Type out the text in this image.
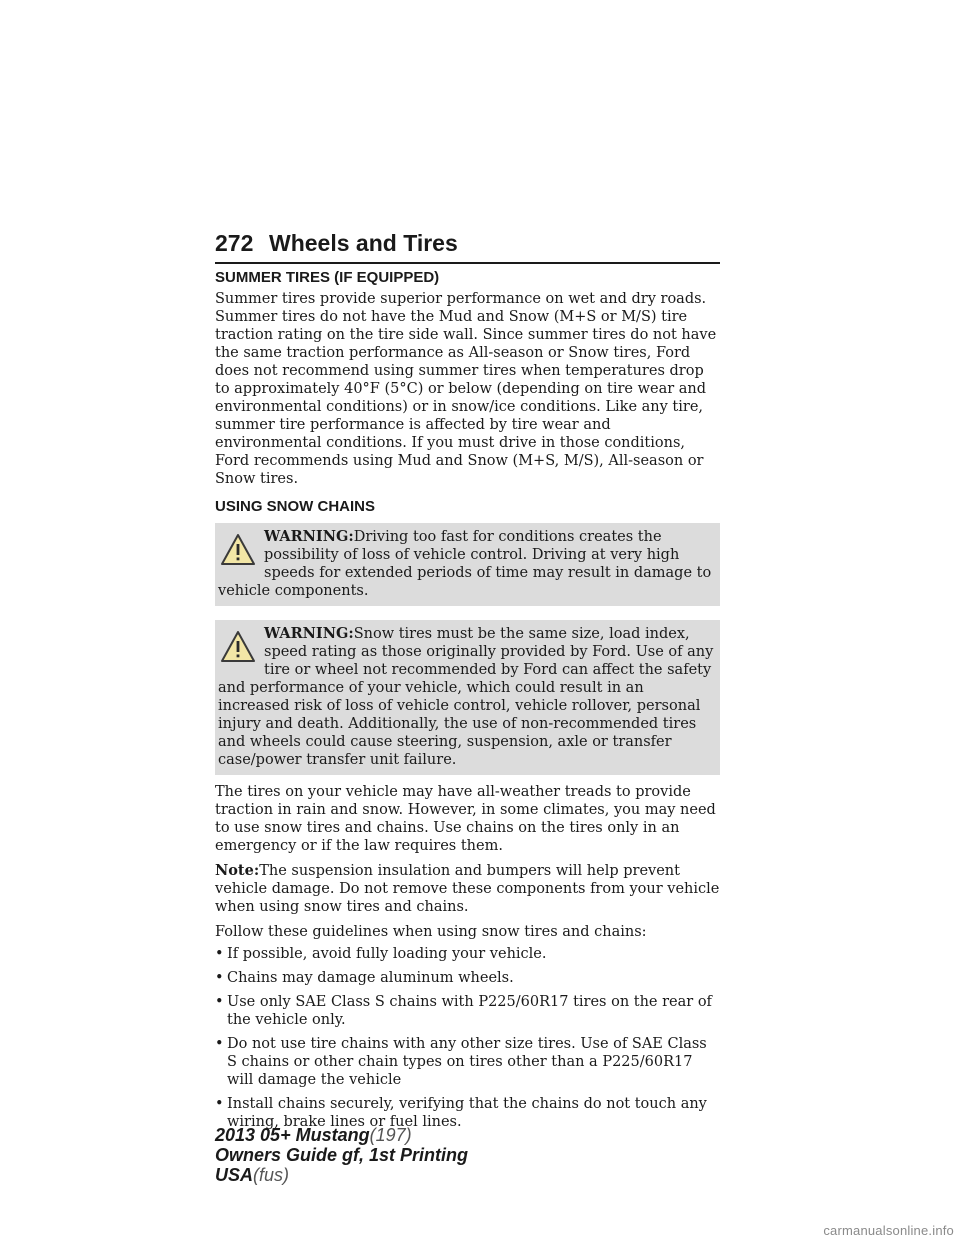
272 Wheels and Tires
SUMMER TIRES (IF EQUIPPED)

Summer tires provide superior performance on wet and dry roads. Summer tires do not have the Mud and Snow (M+S or M/S) tire traction rating on the tire side wall. Since summer tires do not have the same traction performance as All-season or Snow tires, Ford does not recommend using summer tires when temperatures drop to approximately 40°F (5°C) or below (depending on tire wear and environmental conditions) or in snow/ice conditions. Like any tire, summer tire performance is affected by tire wear and environmental conditions. If you must drive in those conditions, Ford recommends using Mud and Snow (M+S, M/S), All-season or Snow tires.

USING SNOW CHAINS
WARNING:Driving too fast for conditions creates the possibility of loss of vehicle control. Driving at very high speeds for extended periods of time may result in damage to vehicle components.
WARNING:Snow tires must be the same size, load index, speed rating as those originally provided by Ford. Use of any tire or wheel not recommended by Ford can affect the safety and performance of your vehicle, which could result in an increased risk of loss of vehicle control, vehicle rollover, personal injury and death. Additionally, the use of non-recommended tires and wheels could cause steering, suspension, axle or transfer case/power transfer unit failure.

The tires on your vehicle may have all-weather treads to provide traction in rain and snow. However, in some climates, you may need to use snow tires and chains. Use chains on the tires only in an emergency or if the law requires them.

Note:The suspension insulation and bumpers will help prevent vehicle damage. Do not remove these components from your vehicle when using snow tires and chains.

Follow these guidelines when using snow tires and chains:

• If possible, avoid fully loading your vehicle.
• Chains may damage aluminum wheels.
• Use only SAE Class S chains with P225/60R17 tires on the rear of the vehicle only.
• Do not use tire chains with any other size tires. Use of SAE Class S chains or other chain types on tires other than a P225/60R17 will damage the vehicle
• Install chains securely, verifying that the chains do not touch any wiring, brake lines or fuel lines.
2013 05+ Mustang(197)
Owners Guide gf, 1st Printing
USA(fus)
carmanualsonline.info
